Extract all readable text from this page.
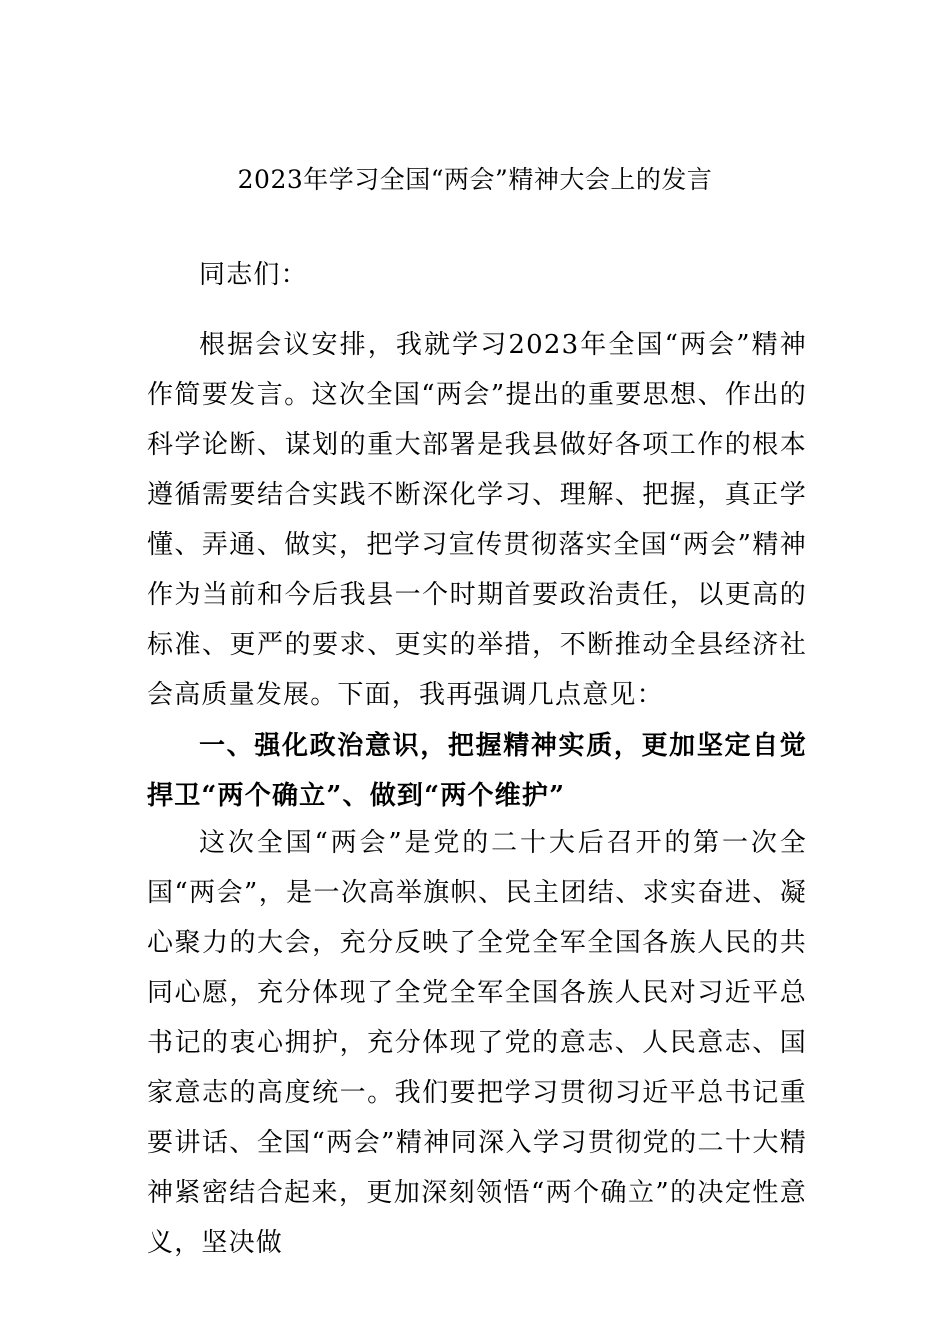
2023年学习全国“两会”精神大会上的发言

同志们：

根据会议安排，我就学习2023年全国“两会”精神作简要发言。这次全国“两会”提出的重要思想、作出的科学论断、谋划的重大部署是我县做好各项工作的根本遵循需要结合实践不断深化学习、理解、把握，真正学懂、弄通、做实，把学习宣传贯彻落实全国“两会”精神作为当前和今后我县一个时期首要政治责任，以更高的标准、更严的要求、更实的举措，不断推动全县经济社会高质量发展。下面，我再强调几点意见：

一、强化政治意识，把握精神实质，更加坚定自觉捍卫“两个确立”、做到“两个维护”

这次全国“两会”是党的二十大后召开的第一次全国“两会”，是一次高举旗帜、民主团结、求实奋进、凝心聚力的大会，充分反映了全党全军全国各族人民的共同心愿，充分体现了全党全军全国各族人民对习近平总书记的衷心拥护，充分体现了党的意志、人民意志、国家意志的高度统一。我们要把学习贯彻习近平总书记重要讲话、全国“两会”精神同深入学习贯彻党的二十大精神紧密结合起来，更加深刻领悟“两个确立”的决定性意义，坚决做
